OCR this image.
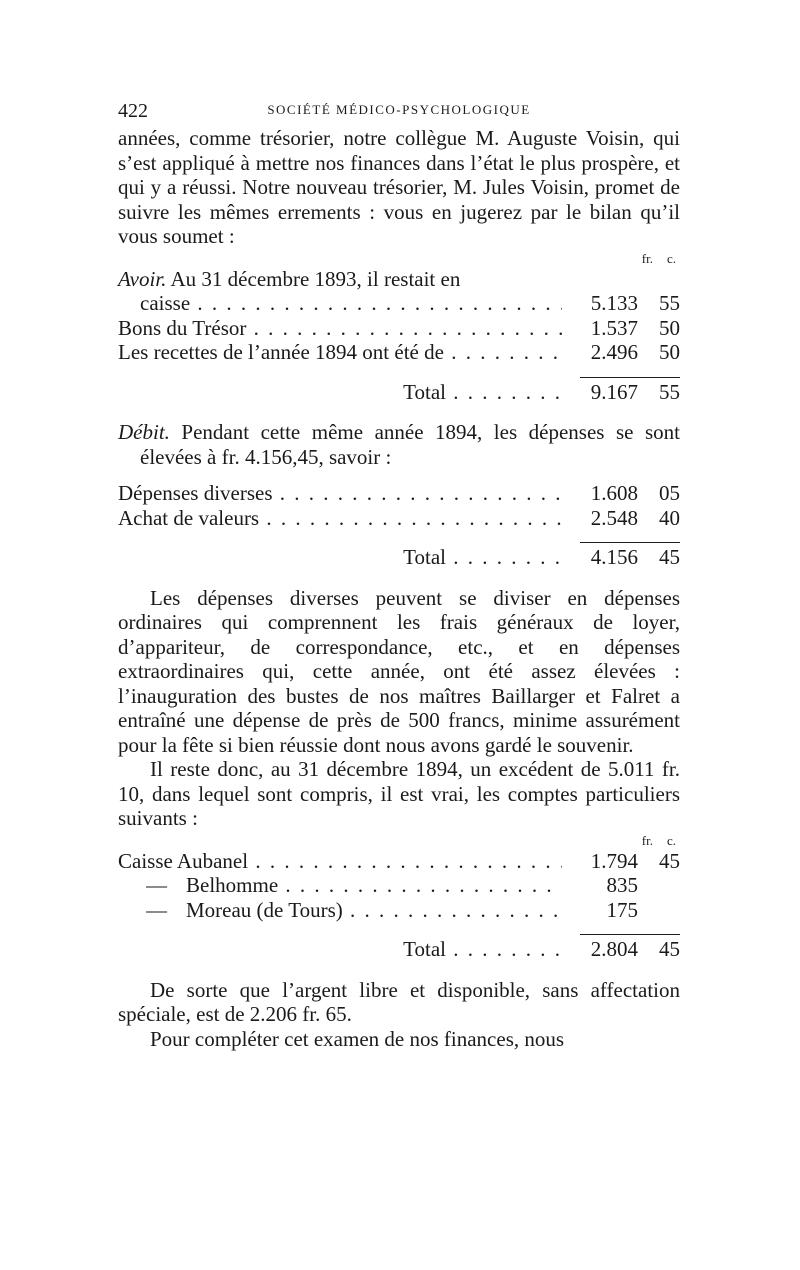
422	SOCIÉTÉ MÉDICO-PSYCHOLOGIQUE

années, comme trésorier, notre collègue M. Auguste Voisin, qui s’est appliqué à mettre nos finances dans l’état le plus prospère, et qui y a réussi. Notre nouveau trésorier, M. Jules Voisin, promet de suivre les mêmes errements : vous en jugerez par le bilan qu’il vous soumet :

fr. c.

Avoir. Au 31 décembre 1893, il restait en

caisse . . .	5.133	55
Bons du Trésor . . .	1.537	50
Les recettes de l’année 1894 ont été de . . .	2.496	50
Total . . .	9.167	55

Débit. Pendant cette même année 1894, les dépenses se sont élevées à fr. 4.156,45, savoir :

Dépenses diverses . . .	1.608	05
Achat de valeurs . . .	2.548	40
Total . . .	4.156	45

Les dépenses diverses peuvent se diviser en dépenses ordinaires qui comprennent les frais généraux de loyer, d’appariteur, de correspondance, etc., et en dépenses extraordinaires qui, cette année, ont été assez élevées : l’inauguration des bustes de nos maîtres Baillarger et Falret a entraîné une dépense de près de 500 francs, minime assurément pour la fête si bien réussie dont nous avons gardé le souvenir.

Il reste donc, au 31 décembre 1894, un excédent de 5.011 fr. 10, dans lequel sont compris, il est vrai, les comptes particuliers suivants :

fr. c.
Caisse Aubanel . . .	1.794	45
— Belhomme . . .	835
— Moreau (de Tours) . . .	175
Total . . .	2.804	45

De sorte que l’argent libre et disponible, sans affectation spéciale, est de 2.206 fr. 65.

Pour compléter cet examen de nos finances, nous
